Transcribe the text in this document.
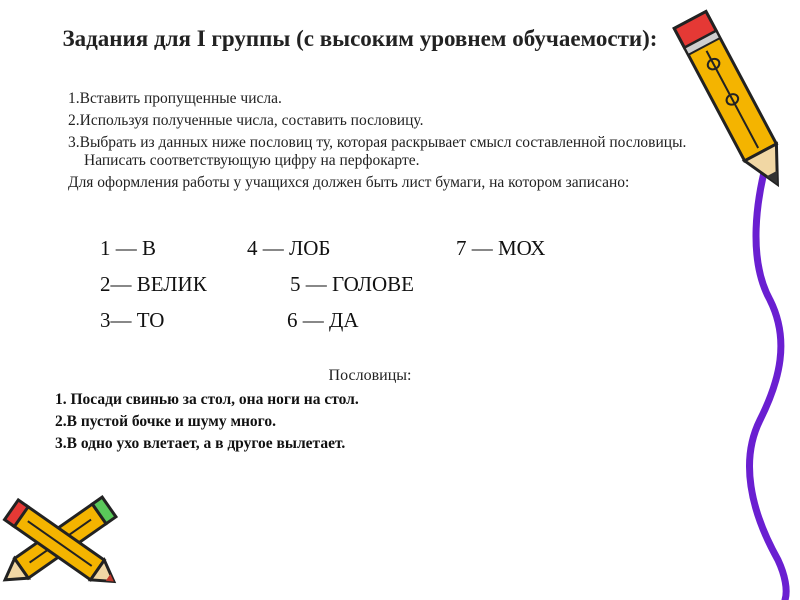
Задания для I группы (с высоким уровнем обучаемости):

1.Вставить пропущенные числа.

2.Используя полученные числа, составить пословицу.

3.Выбрать из данных ниже пословиц ту, которая раскрывает смысл составленной пословицы. Написать соответствующую цифру на перфокарте.

Для оформления работы у учащихся должен быть лист бумаги, на котором записано:

1 — В	4 — ЛОБ	7 — МОХ
2— ВЕЛИК	5 — ГОЛОВЕ
3— ТО	6 — ДА
Пословицы:
1. Посади свинью за стол, она ноги на стол.
2.В пустой бочке и шуму много.
3.В одно ухо влетает, а в другое вылетает.
